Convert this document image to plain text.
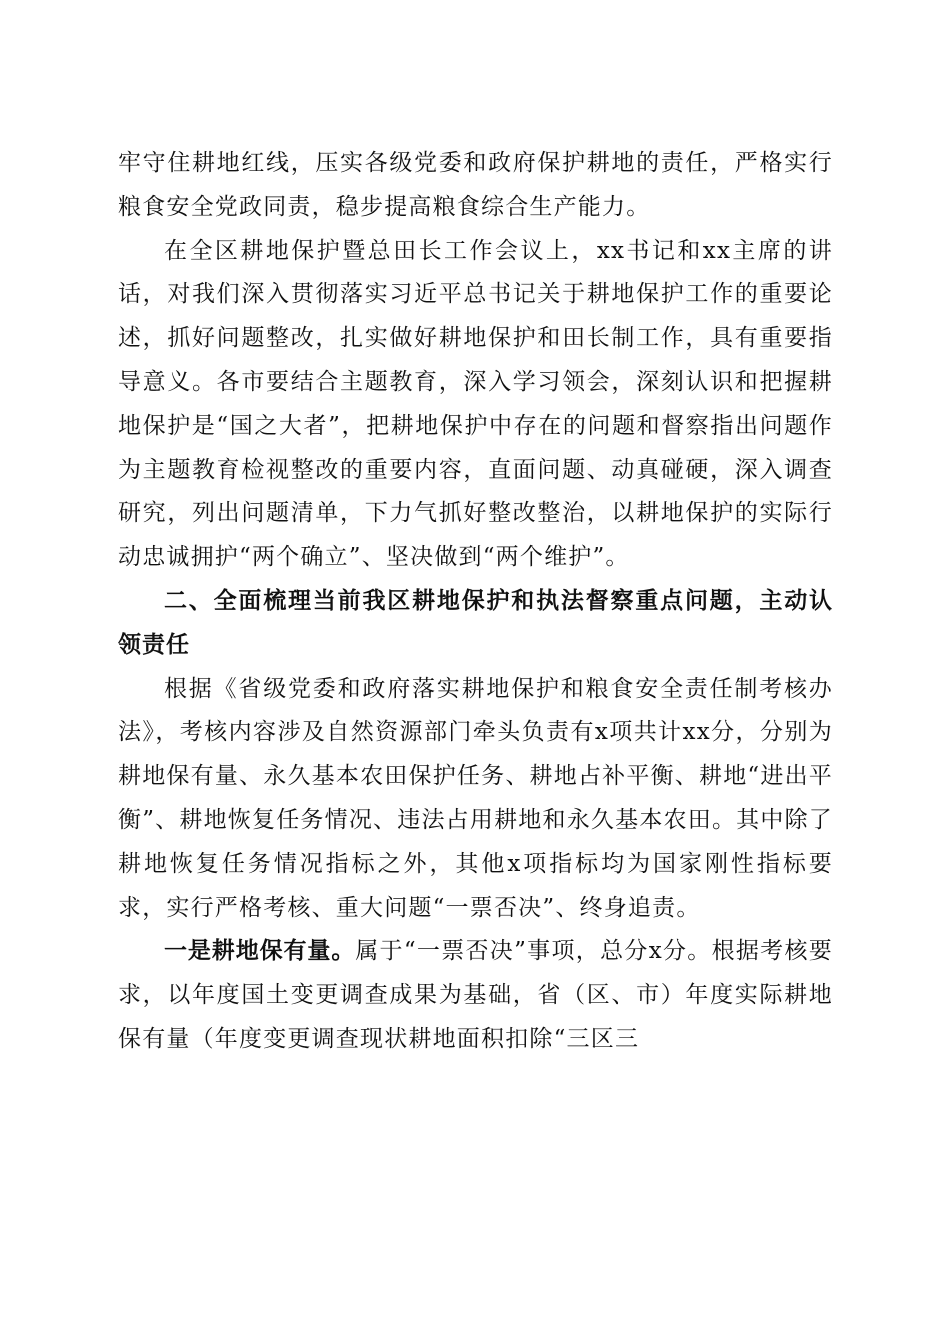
牢守住耕地红线，压实各级党委和政府保护耕地的责任，严格实行粮食安全党政同责，稳步提高粮食综合生产能力。

在全区耕地保护暨总田长工作会议上，xx书记和xx主席的讲话，对我们深入贯彻落实习近平总书记关于耕地保护工作的重要论述，抓好问题整改，扎实做好耕地保护和田长制工作，具有重要指导意义。各市要结合主题教育，深入学习领会，深刻认识和把握耕地保护是“国之大者”，把耕地保护中存在的问题和督察指出问题作为主题教育检视整改的重要内容，直面问题、动真碰硬，深入调查研究，列出问题清单，下力气抓好整改整治，以耕地保护的实际行动忠诚拥护“两个确立”、坚决做到“两个维护”。

二、全面梳理当前我区耕地保护和执法督察重点问题，主动认领责任

根据《省级党委和政府落实耕地保护和粮食安全责任制考核办法》，考核内容涉及自然资源部门牵头负责有x项共计xx分，分别为耕地保有量、永久基本农田保护任务、耕地占补平衡、耕地“进出平衡”、耕地恢复任务情况、违法占用耕地和永久基本农田。其中除了耕地恢复任务情况指标之外，其他x项指标均为国家刚性指标要求，实行严格考核、重大问题“一票否决”、终身追责。

一是耕地保有量。属于“一票否决”事项，总分x分。根据考核要求，以年度国土变更调查成果为基础，省（区、市）年度实际耕地保有量（年度变更调查现状耕地面积扣除“三区三
